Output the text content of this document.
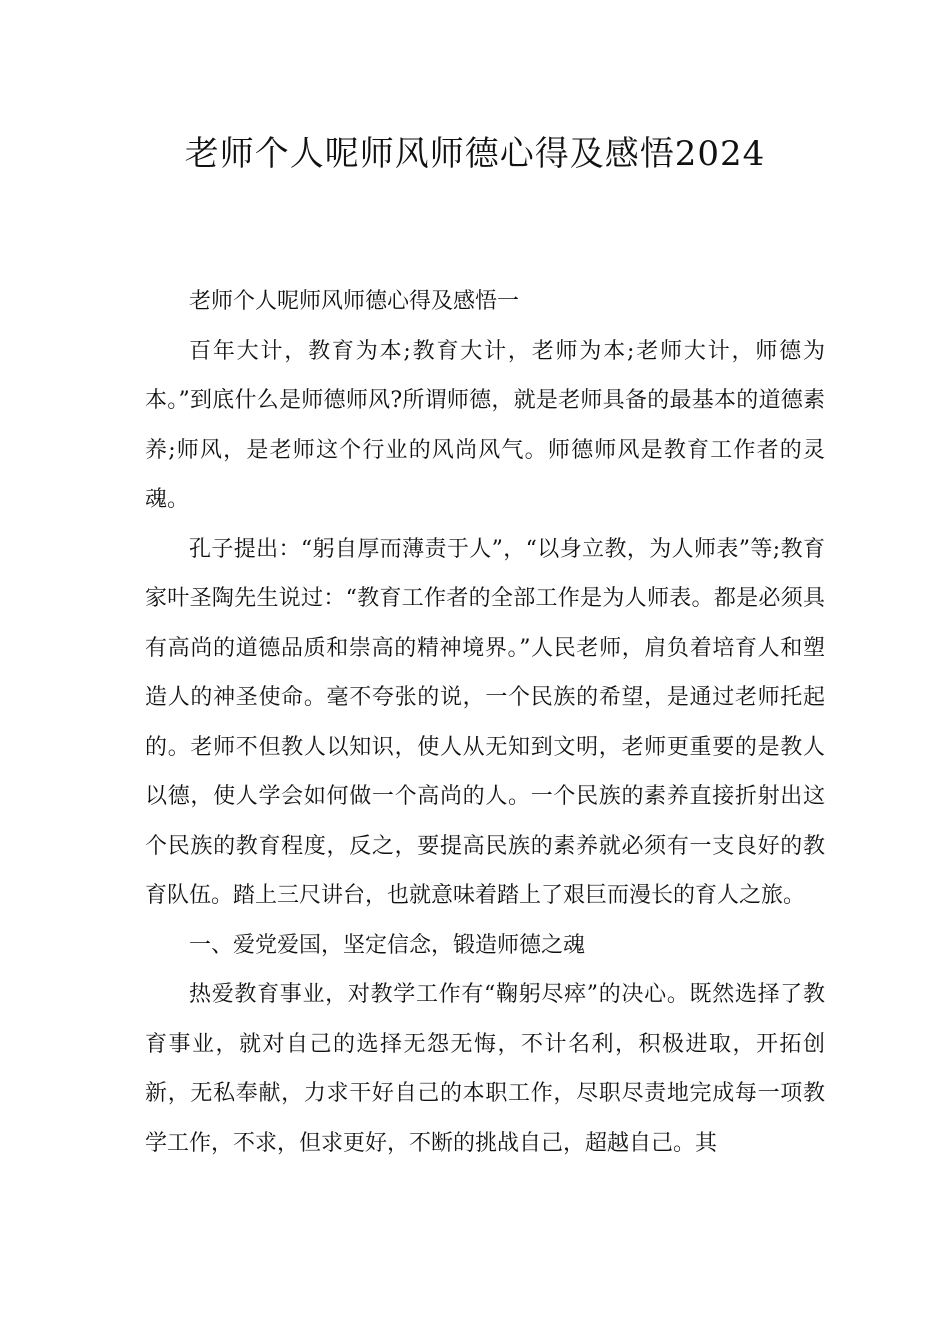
老师个人呢师风师德心得及感悟2024

老师个人呢师风师德心得及感悟一

百年大计，教育为本;教育大计，老师为本;老师大计，师德为本。”到底什么是师德师风?所谓师德，就是老师具备的最基本的道德素养;师风，是老师这个行业的风尚风气。师德师风是教育工作者的灵魂。

孔子提出：“躬自厚而薄责于人”，“以身立教，为人师表”等;教育家叶圣陶先生说过：“教育工作者的全部工作是为人师表。都是必须具有高尚的道德品质和崇高的精神境界。”人民老师，肩负着培育人和塑造人的神圣使命。毫不夸张的说，一个民族的希望，是通过老师托起的。老师不但教人以知识，使人从无知到文明，老师更重要的是教人以德，使人学会如何做一个高尚的人。一个民族的素养直接折射出这个民族的教育程度，反之，要提高民族的素养就必须有一支良好的教育队伍。踏上三尺讲台，也就意味着踏上了艰巨而漫长的育人之旅。

一、爱党爱国，坚定信念，锻造师德之魂

热爱教育事业，对教学工作有“鞠躬尽瘁”的决心。既然选择了教育事业，就对自己的选择无怨无悔，不计名利，积极进取，开拓创新，无私奉献，力求干好自己的本职工作，尽职尽责地完成每一项教学工作，不求，但求更好，不断的挑战自己，超越自己。其
